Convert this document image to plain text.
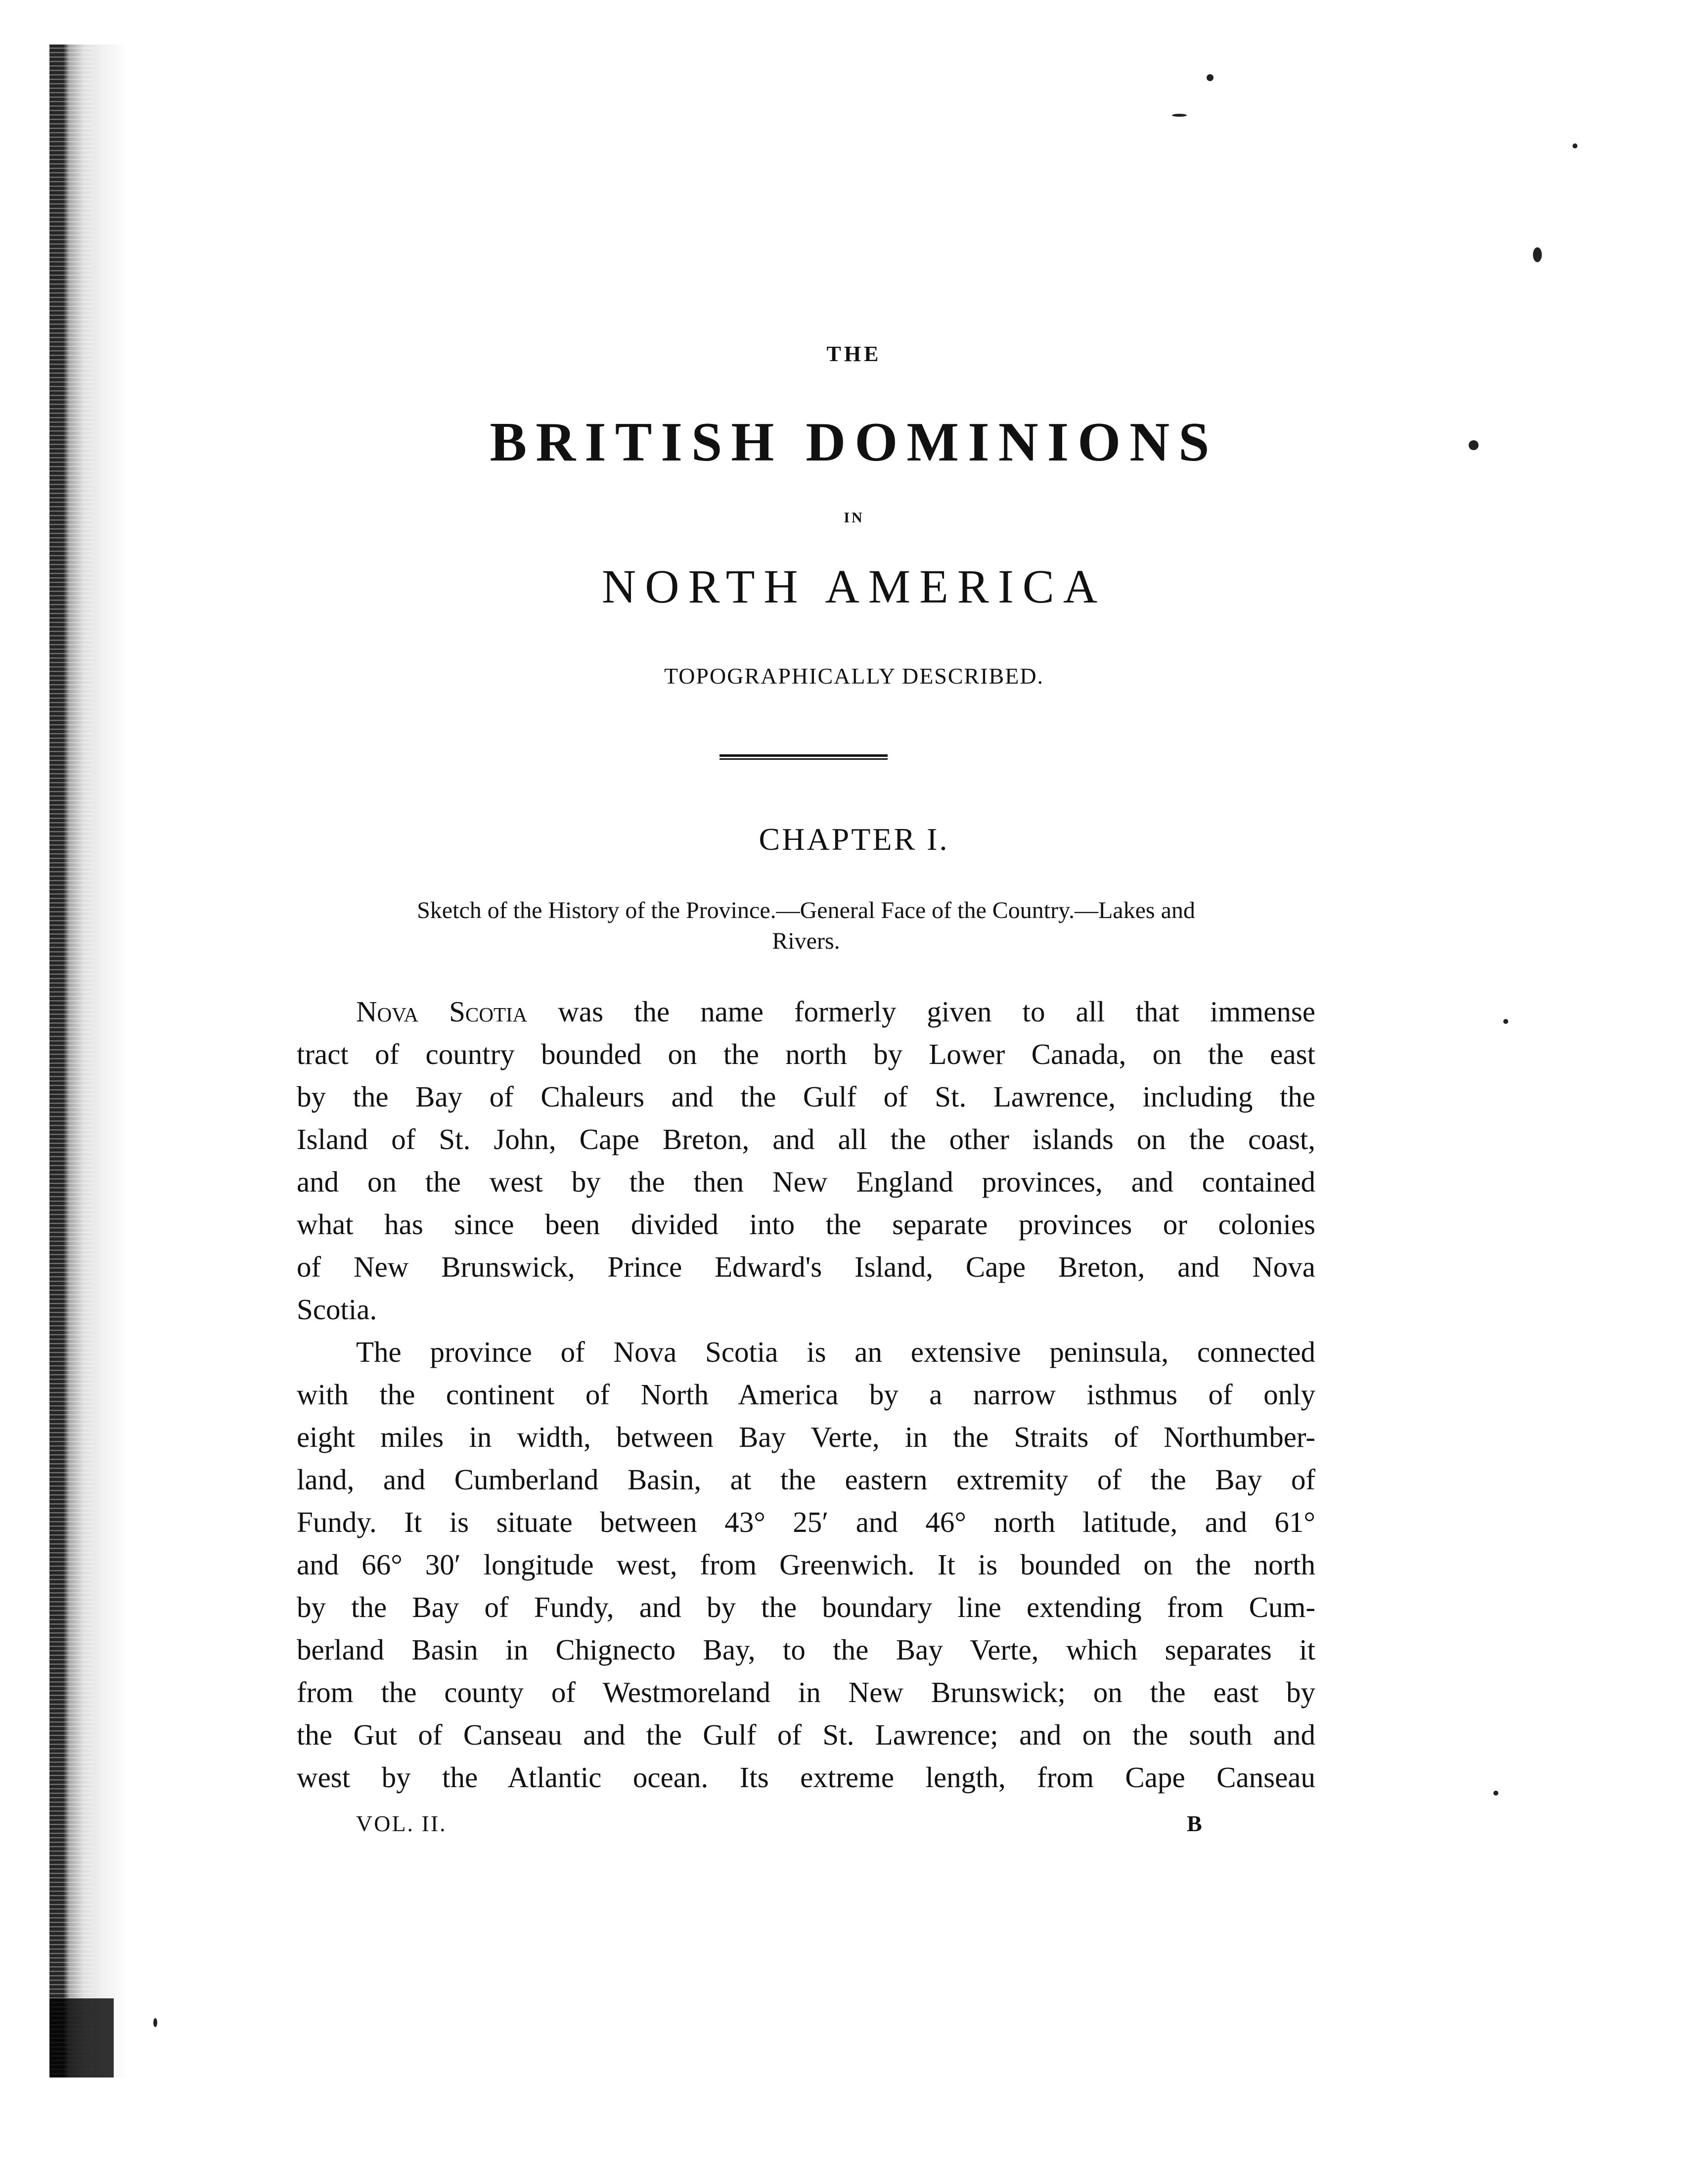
THE
BRITISH DOMINIONS
IN
NORTH AMERICA
TOPOGRAPHICALLY DESCRIBED.
CHAPTER I.
Sketch of the History of the Province.—General Face of the Country.—Lakes and
Rivers.
Nova Scotia was the name formerly given to all that immense
tract of country bounded on the north by Lower Canada, on the east
by the Bay of Chaleurs and the Gulf of St. Lawrence, including the
Island of St. John, Cape Breton, and all the other islands on the coast,
and on the west by the then New England provinces, and contained
what has since been divided into the separate provinces or colonies
of New Brunswick, Prince Edward's Island, Cape Breton, and Nova
Scotia.
The province of Nova Scotia is an extensive peninsula, connected
with the continent of North America by a narrow isthmus of only
eight miles in width, between Bay Verte, in the Straits of Northumber-
land, and Cumberland Basin, at the eastern extremity of the Bay of
Fundy. It is situate between 43° 25′ and 46° north latitude, and 61°
and 66° 30′ longitude west, from Greenwich. It is bounded on the north
by the Bay of Fundy, and by the boundary line extending from Cum-
berland Basin in Chignecto Bay, to the Bay Verte, which separates it
from the county of Westmoreland in New Brunswick; on the east by
the Gut of Canseau and the Gulf of St. Lawrence; and on the south and
west by the Atlantic ocean. Its extreme length, from Cape Canseau
VOL. II.	B
